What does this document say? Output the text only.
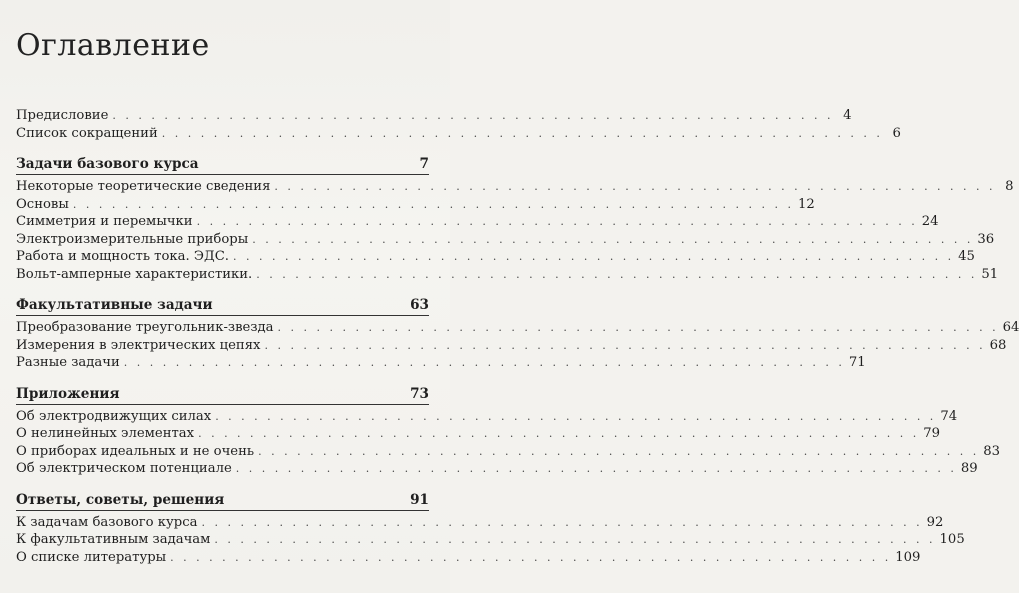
Оглавление
Предисловие . . . . . . . . . . . . . . . . . . . . . . . . . . . . . . . . . . . . . . . . . . . . . . . . . . . . . . . . 4
Список сокращений . . . . . . . . . . . . . . . . . . . . . . . . . . . . . . . . . . . . . . . . . . . . . . . . . . . . . . . . 6
Задачи базового курса	7
Некоторые теоретические сведения . . . . . . . . . . . . . . . . . . . . . . . . . . . . . . . . . . . . . . . . . . . . . . . . . . . . . . . . 8
Основы . . . . . . . . . . . . . . . . . . . . . . . . . . . . . . . . . . . . . . . . . . . . . . . . . . . . . . . . 12
Симметрия и перемычки . . . . . . . . . . . . . . . . . . . . . . . . . . . . . . . . . . . . . . . . . . . . . . . . . . . . . . . . 24
Электроизмерительные приборы . . . . . . . . . . . . . . . . . . . . . . . . . . . . . . . . . . . . . . . . . . . . . . . . . . . . . . . . 36
Работа и мощность тока. ЭДС. . . . . . . . . . . . . . . . . . . . . . . . . . . . . . . . . . . . . . . . . . . . . . . . . . . . . . . . . 45
Вольт-амперные характеристики. . . . . . . . . . . . . . . . . . . . . . . . . . . . . . . . . . . . . . . . . . . . . . . . . . . . . . . . . 51
Факультативные задачи	63
Преобразование треугольник-звезда . . . . . . . . . . . . . . . . . . . . . . . . . . . . . . . . . . . . . . . . . . . . . . . . . . . . . . . . 64
Измерения в электрических цепях . . . . . . . . . . . . . . . . . . . . . . . . . . . . . . . . . . . . . . . . . . . . . . . . . . . . . . . . 68
Разные задачи . . . . . . . . . . . . . . . . . . . . . . . . . . . . . . . . . . . . . . . . . . . . . . . . . . . . . . . . 71
Приложения	73
Об электродвижущих силах . . . . . . . . . . . . . . . . . . . . . . . . . . . . . . . . . . . . . . . . . . . . . . . . . . . . . . . . 74
О нелинейных элементах . . . . . . . . . . . . . . . . . . . . . . . . . . . . . . . . . . . . . . . . . . . . . . . . . . . . . . . . 79
О приборах идеальных и не очень . . . . . . . . . . . . . . . . . . . . . . . . . . . . . . . . . . . . . . . . . . . . . . . . . . . . . . . . 83
Об электрическом потенциале . . . . . . . . . . . . . . . . . . . . . . . . . . . . . . . . . . . . . . . . . . . . . . . . . . . . . . . . 89
Ответы, советы, решения	91
К задачам базового курса . . . . . . . . . . . . . . . . . . . . . . . . . . . . . . . . . . . . . . . . . . . . . . . . . . . . . . . . 92
К факультативным задачам . . . . . . . . . . . . . . . . . . . . . . . . . . . . . . . . . . . . . . . . . . . . . . . . . . . . . . . . 105
О списке литературы . . . . . . . . . . . . . . . . . . . . . . . . . . . . . . . . . . . . . . . . . . . . . . . . . . . . . . . . 109
